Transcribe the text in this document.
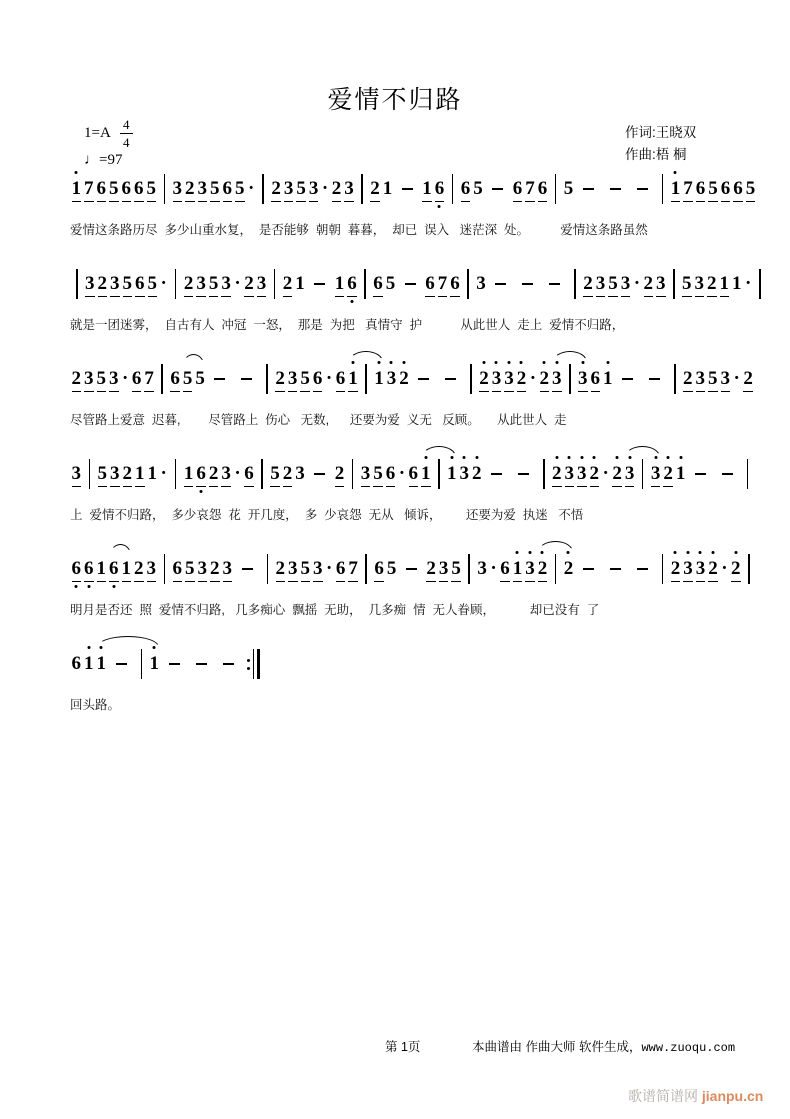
爱情不归路
$1=A \frac{4}{4}$
♩=97
作词:王晓双
作曲:梧 桐
1 7 6 5 6 6 5 3 2 3 5 6 5 · 2 3 5 3 · 2 3 2 1 1 6 6 5 6 7 6 5	1 7 6 5 6 6 5
爱情这条路历尽  多少山重水复，  是否能够  朝朝  暮暮，  却已  误入   迷茫深  处。         爱情这条路虽然
3 2 3 5 6 5 · 2 3 5 3 · 2 3 2 1 1 6 6 5 6 7 6 3	2 3 5 3 · 2 3 5 3 2 1 1 ·
就是一团迷雾，  自古有人  冲冠  一怒，  那是  为把   真情守  护           从此世人  走上  爱情不归路，
2 3 5 3 · 6 7 6 5 5	2 3 5 6 · 6 1 1 3 2	2 3 3 2 · 2 3 3 6 1	2 3 5 3 · 2
尽管路上爱意  迟暮,        尽管路上  伤心   无数,      还要为爱  义无   反顾。     从此世人  走
3 5 3 2 1 1 · 1 6 2 3 · 6 5 2 3 2 3 5 6 · 6 1 1 3 2	2 3 3 2 · 2 3 3 2 1
上  爱情不归路，  多少哀怨  花  开几度，  多  少哀怨  无从   倾诉，       还要为爱  执迷   不悟
6 6 1 6 1 2 3 6 5 3 2 3 2 3 5 3 · 6 7 6 5 2 3 5 3 · 6 1 3 2 2	2 3 3 2 · 2
明月是否还  照  爱情不归路,   几多痴心  飘摇  无助，  几多痴  情  无人眷顾，          却已没有  了
6 1 1 1
回头路。
第 1页	本曲谱由 作曲大师 软件生成，www.zuoqu.com
歌谱简谱网 jianpu.cn
